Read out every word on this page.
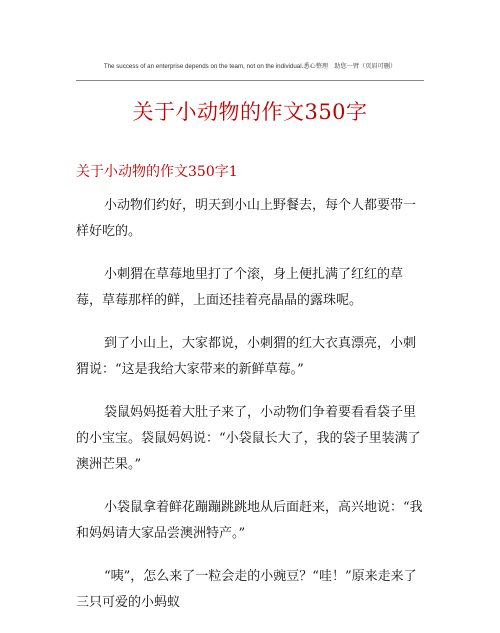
The success of an enterprise depends on the team, not on the individual.悉心整理　助您一臂（页眉可删）
关于小动物的作文350字
关于小动物的作文350字1

小动物们约好，明天到小山上野餐去，每个人都要带一样好吃的。

小刺猬在草莓地里打了个滚，身上便扎满了红红的草莓，草莓那样的鲜，上面还挂着亮晶晶的露珠呢。

到了小山上，大家都说，小刺猬的红大衣真漂亮，小刺猬说：“这是我给大家带来的新鲜草莓。”

袋鼠妈妈挺着大肚子来了，小动物们争着要看看袋子里的小宝宝。袋鼠妈妈说：“小袋鼠长大了，我的袋子里装满了澳洲芒果。”

小袋鼠拿着鲜花蹦蹦跳跳地从后面赶来，高兴地说：“我和妈妈请大家品尝澳洲特产。”

“咦”，怎么来了一粒会走的小豌豆？“哇！”原来走来了三只可爱的小蚂蚁
